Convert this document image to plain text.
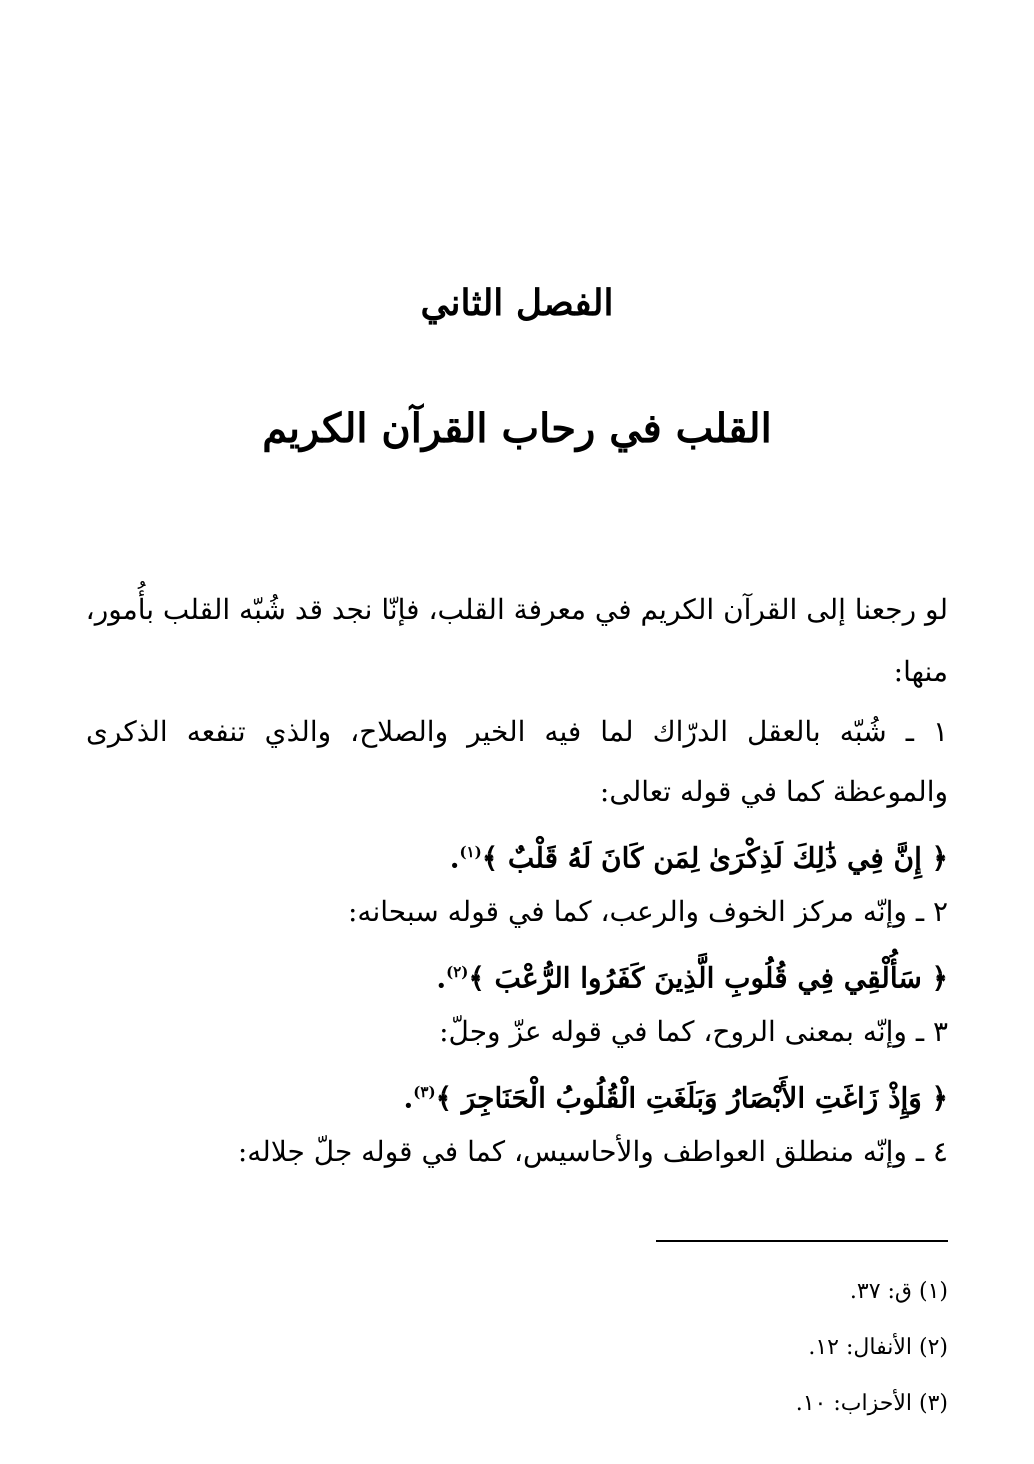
الفصل الثاني
القلب في رحاب القرآن الكريم
لو رجعنا إلى القرآن الكريم في معرفة القلب، فإنّا نجد قد شُبّه القلب بأُمور،
منها:
١ ـ شُبّه بالعقل الدرّاك لما فيه الخير والصلاح، والذي تنفعه الذكرى
والموعظة كما في قوله تعالى:
﴿ إِنَّ فِي ذَٰلِكَ لَذِكْرَىٰ لِمَن كَانَ لَهُ قَلْبٌ ﴾$^{(١)}$.
٢ ـ وإنّه مركز الخوف والرعب، كما في قوله سبحانه:
﴿ سَأُلْقِي فِي قُلُوبِ الَّذِينَ كَفَرُوا الرُّعْبَ ﴾$^{(٢)}$.
٣ ـ وإنّه بمعنى الروح، كما في قوله عزّ وجلّ:
﴿ وَإِذْ زَاغَتِ الأَبْصَارُ وَبَلَغَتِ الْقُلُوبُ الْحَنَاجِرَ ﴾$^{(٣)}$.
٤ ـ وإنّه منطلق العواطف والأحاسيس، كما في قوله جلّ جلاله:
(١) ق: ٣٧.
(٢) الأنفال: ١٢.
(٣) الأحزاب: ١٠.
